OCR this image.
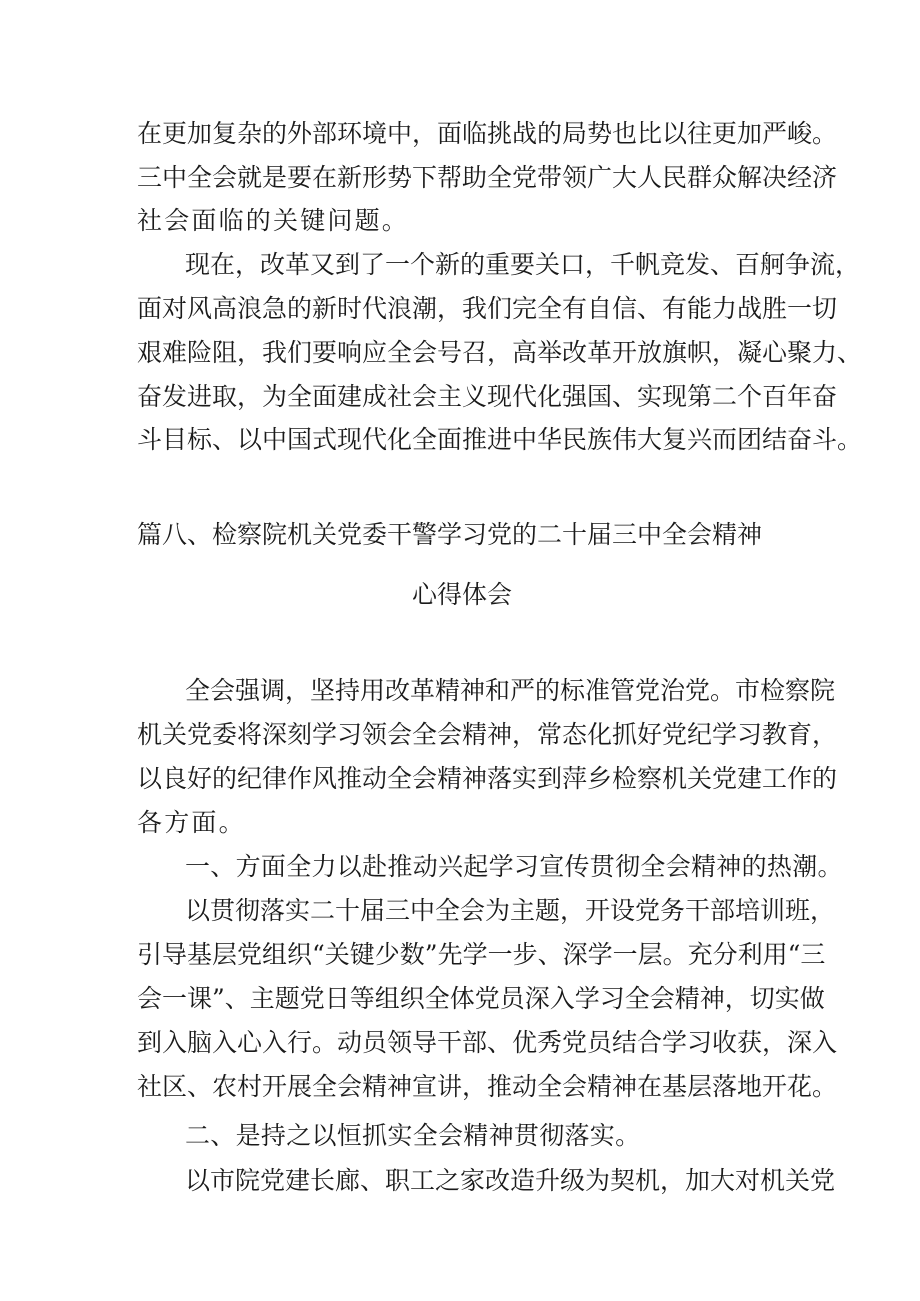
在更加复杂的外部环境中，面临挑战的局势也比以往更加严峻。
三中全会就是要在新形势下帮助全党带领广大人民群众解决经济
社会面临的关键问题。
现在，改革又到了一个新的重要关口，千帆竞发、百舸争流，
面对风高浪急的新时代浪潮，我们完全有自信、有能力战胜一切
艰难险阻，我们要响应全会号召，高举改革开放旗帜，凝心聚力、
奋发进取，为全面建成社会主义现代化强国、实现第二个百年奋
斗目标、以中国式现代化全面推进中华民族伟大复兴而团结奋斗。
篇八、检察院机关党委干警学习党的二十届三中全会精神
心得体会
全会强调，坚持用改革精神和严的标准管党治党。市检察院
机关党委将深刻学习领会全会精神，常态化抓好党纪学习教育，
以良好的纪律作风推动全会精神落实到萍乡检察机关党建工作的
各方面。
一、方面全力以赴推动兴起学习宣传贯彻全会精神的热潮。
以贯彻落实二十届三中全会为主题，开设党务干部培训班，
引导基层党组织“关键少数”先学一步、深学一层。充分利用“三
会一课”、主题党日等组织全体党员深入学习全会精神，切实做
到入脑入心入行。动员领导干部、优秀党员结合学习收获，深入
社区、农村开展全会精神宣讲，推动全会精神在基层落地开花。
二、是持之以恒抓实全会精神贯彻落实。
以市院党建长廊、职工之家改造升级为契机，加大对机关党
